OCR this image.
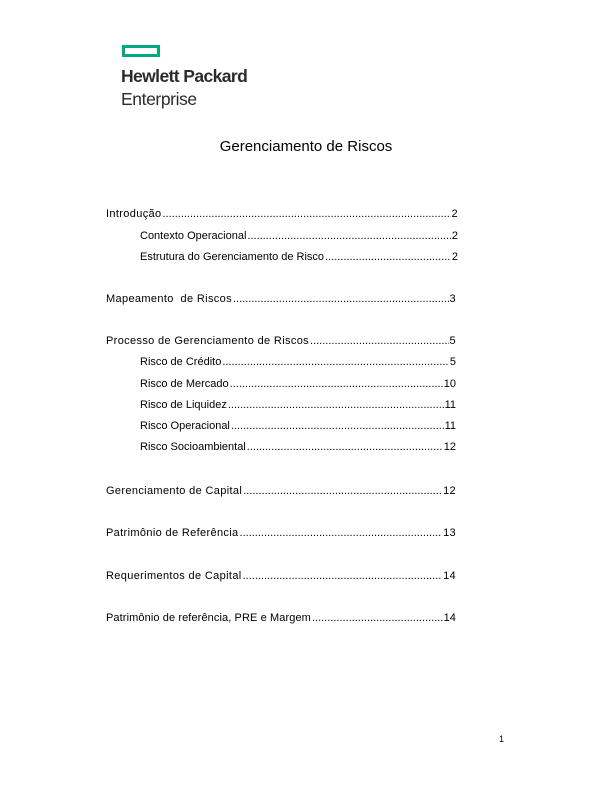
Hewlett Packard
Enterprise
Gerenciamento de Riscos
Introdução .....	2
Contexto Operacional .....	2
Estrutura do Gerenciamento de Risco .....	2
Mapeamento  de Riscos .....	3
Processo de Gerenciamento de Riscos .....	5
Risco de Crédito .....	5
Risco de Mercado .....	10
Risco de Liquidez .....	11
Risco Operacional .....	11
Risco Socioambiental .....	12
Gerenciamento de Capital .....	12
Patrimônio de Referência .....	13
Requerimentos de Capital .....	14
Patrimônio de referência, PRE e Margem .....	14
1
